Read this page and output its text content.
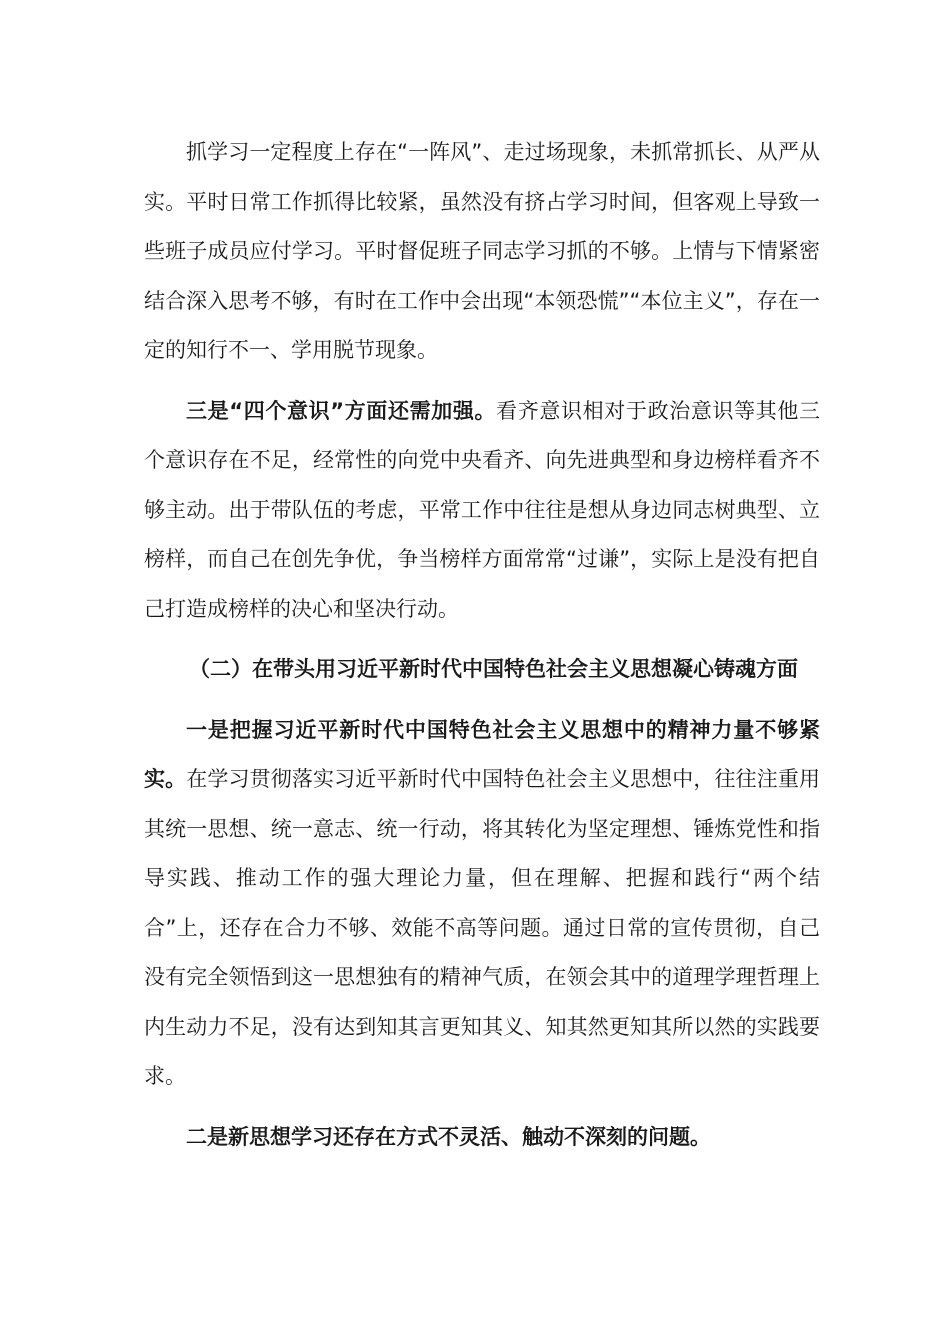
抓学习一定程度上存在“一阵风”、走过场现象，未抓常抓长、从严从实。平时日常工作抓得比较紧，虽然没有挤占学习时间，但客观上导致一些班子成员应付学习。平时督促班子同志学习抓的不够。上情与下情紧密结合深入思考不够，有时在工作中会出现“本领恐慌”“本位主义”，存在一定的知行不一、学用脱节现象。

三是“四个意识”方面还需加强。看齐意识相对于政治意识等其他三个意识存在不足，经常性的向党中央看齐、向先进典型和身边榜样看齐不够主动。出于带队伍的考虑，平常工作中往往是想从身边同志树典型、立榜样，而自己在创先争优，争当榜样方面常常“过谦”，实际上是没有把自己打造成榜样的决心和坚决行动。

（二）在带头用习近平新时代中国特色社会主义思想凝心铸魂方面

一是把握习近平新时代中国特色社会主义思想中的精神力量不够紧实。在学习贯彻落实习近平新时代中国特色社会主义思想中，往往注重用其统一思想、统一意志、统一行动，将其转化为坚定理想、锤炼党性和指导实践、推动工作的强大理论力量，但在理解、把握和践行“两个结合”上，还存在合力不够、效能不高等问题。通过日常的宣传贯彻，自己没有完全领悟到这一思想独有的精神气质，在领会其中的道理学理哲理上内生动力不足，没有达到知其言更知其义、知其然更知其所以然的实践要求。

二是新思想学习还存在方式不灵活、触动不深刻的问题。
